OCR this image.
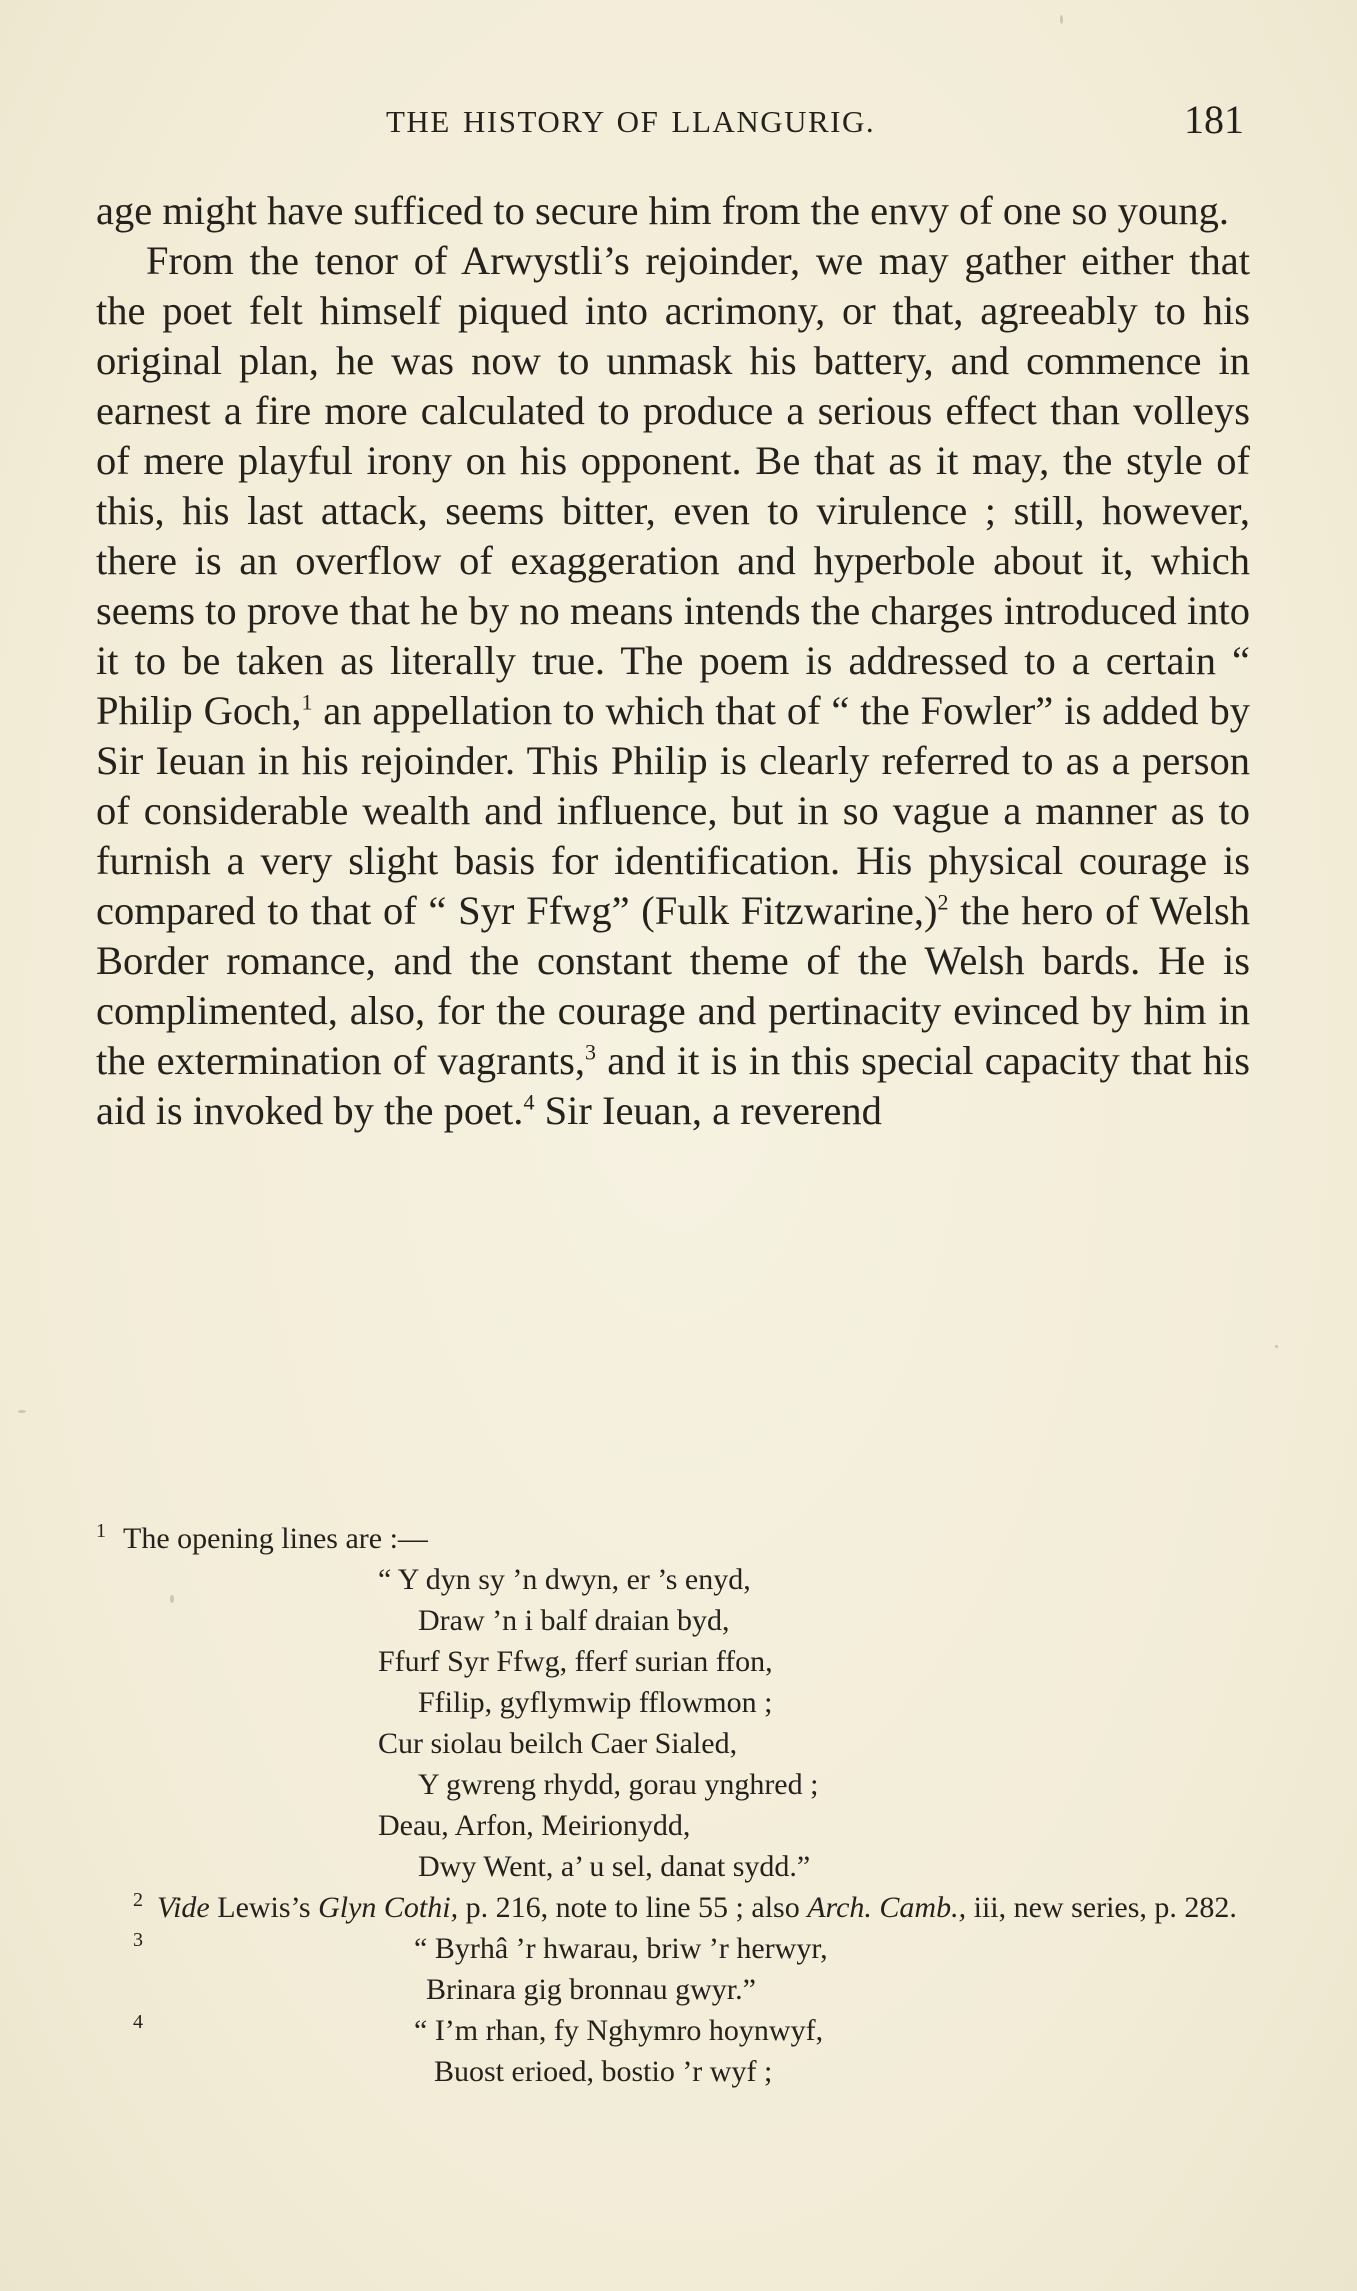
THE HISTORY OF LLANGURIG.	181

age might have sufficed to secure him from the envy of one so young.

From the tenor of Arwystli’s rejoinder, we may gather either that the poet felt himself piqued into acrimony, or that, agreeably to his original plan, he was now to unmask his battery, and commence in earnest a fire more calculated to produce a serious effect than volleys of mere playful irony on his opponent. Be that as it may, the style of this, his last attack, seems bitter, even to virulence ; still, however, there is an overflow of exaggeration and hyperbole about it, which seems to prove that he by no means intends the charges introduced into it to be taken as literally true. The poem is addressed to a certain “ Philip Goch,$^1$ an appellation to which that of “ the Fowler” is added by Sir Ieuan in his rejoinder. This Philip is clearly referred to as a person of considerable wealth and influence, but in so vague a manner as to furnish a very slight basis for identification. His physical courage is compared to that of “ Syr Ffwg” (Fulk Fitzwarine,)$^2$ the hero of Welsh Border romance, and the constant theme of the Welsh bards. He is complimented, also, for the courage and pertinacity evinced by him in the extermination of vagrants,$^3$ and it is in this special capacity that his aid is invoked by the poet.$^4$ Sir Ieuan, a reverend

$^1$ The opening lines are :—

“ Y dyn sy ’n dwyn, er ’s enyd,
Draw ’n i balf draian byd,
Ffurf Syr Ffwg, fferf surian ffon,
Ffilip, gyflymwip fflowmon ;
Cur siolau beilch Caer Sialed,
Y gwreng rhydd, gorau ynghred ;
Deau, Arfon, Meirionydd,
Dwy Went, a’ u sel, danat sydd.”

$^2$ Vide Lewis’s Glyn Cothi, p. 216, note to line 55 ; also Arch. Camb., iii, new series, p. 282.

3	“ Byrhâ ’r hwarau, briw ’r herwyr,
Brinara gig bronnau gwyr.”
4	“ I’m rhan, fy Nghymro hoynwyf,
Buost erioed, bostio ’r wyf ;
